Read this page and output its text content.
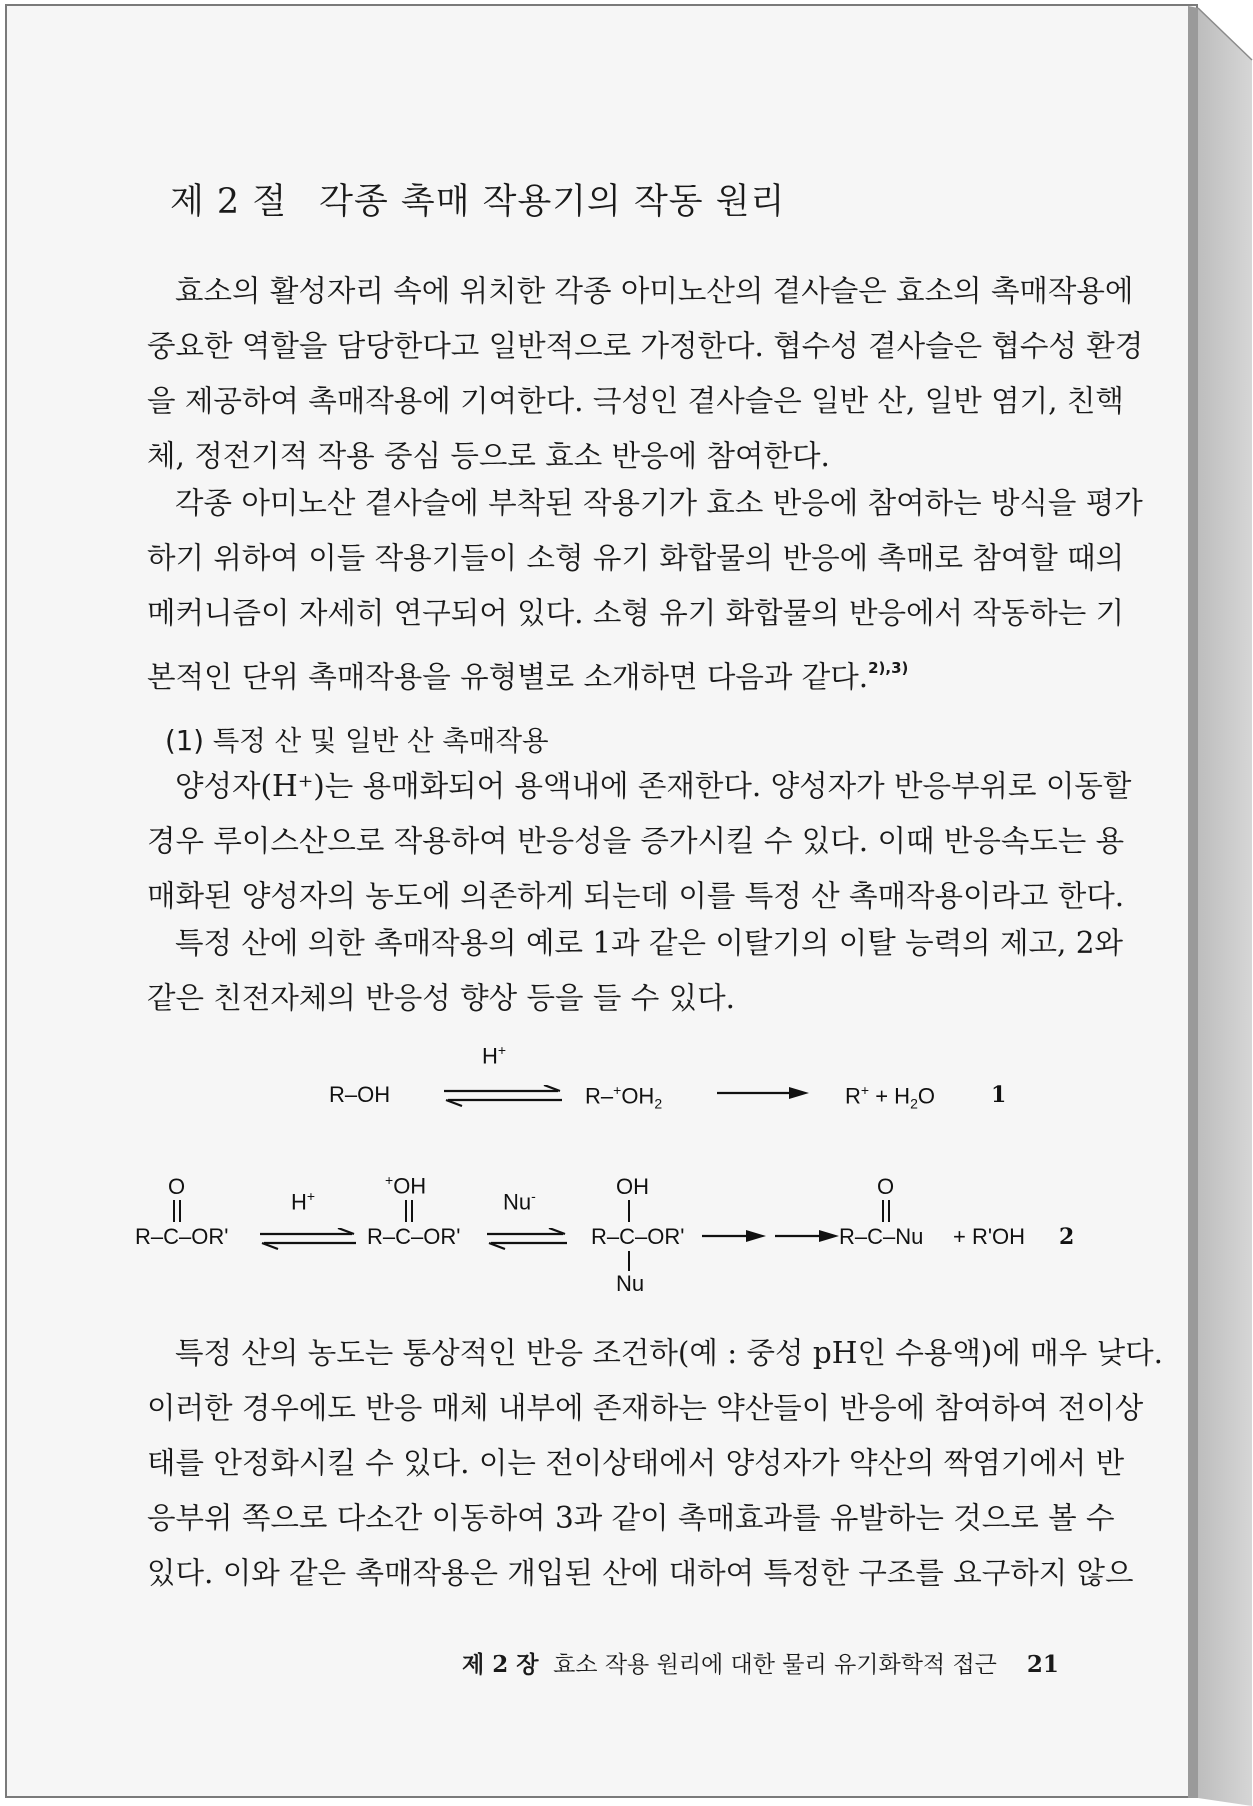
제 2 절 각종 촉매 작용기의 작동 원리
효소의 활성자리 속에 위치한 각종 아미노산의 곁사슬은 효소의 촉매작용에
중요한 역할을 담당한다고 일반적으로 가정한다. 협수성 곁사슬은 협수성 환경
을 제공하여 촉매작용에 기여한다. 극성인 곁사슬은 일반 산, 일반 염기, 친핵
체, 정전기적 작용 중심 등으로 효소 반응에 참여한다.
각종 아미노산 곁사슬에 부착된 작용기가 효소 반응에 참여하는 방식을 평가
하기 위하여 이들 작용기들이 소형 유기 화합물의 반응에 촉매로 참여할 때의
메커니즘이 자세히 연구되어 있다. 소형 유기 화합물의 반응에서 작동하는 기
본적인 단위 촉매작용을 유형별로 소개하면 다음과 같다.$^{2),3)}$
(1) 특정 산 및 일반 산 촉매작용
양성자(H⁺)는 용매화되어 용액내에 존재한다. 양성자가 반응부위로 이동할
경우 루이스산으로 작용하여 반응성을 증가시킬 수 있다. 이때 반응속도는 용
매화된 양성자의 농도에 의존하게 되는데 이를 특정 산 촉매작용이라고 한다.
특정 산에 의한 촉매작용의 예로 1과 같은 이탈기의 이탈 능력의 제고, 2와
같은 친전자체의 반응성 향상 등을 들 수 있다.
R–OH
H+
$R-^+OH_2$	$R^+ + H_2O$	1
O
R–C–OR'
H+
+OH
R–C–OR'
Nu-	OH
R–C–OR'
Nu
O
R–C–Nu + R'OH 2
특정 산의 농도는 통상적인 반응 조건하(예 : 중성 pH인 수용액)에 매우 낮다.
이러한 경우에도 반응 매체 내부에 존재하는 약산들이 반응에 참여하여 전이상
태를 안정화시킬 수 있다. 이는 전이상태에서 양성자가 약산의 짝염기에서 반
응부위 쪽으로 다소간 이동하여 3과 같이 촉매효과를 유발하는 것으로 볼 수
있다. 이와 같은 촉매작용은 개입된 산에 대하여 특정한 구조를 요구하지 않으
제 2 장 효소 작용 원리에 대한 물리 유기화학적 접근 21
